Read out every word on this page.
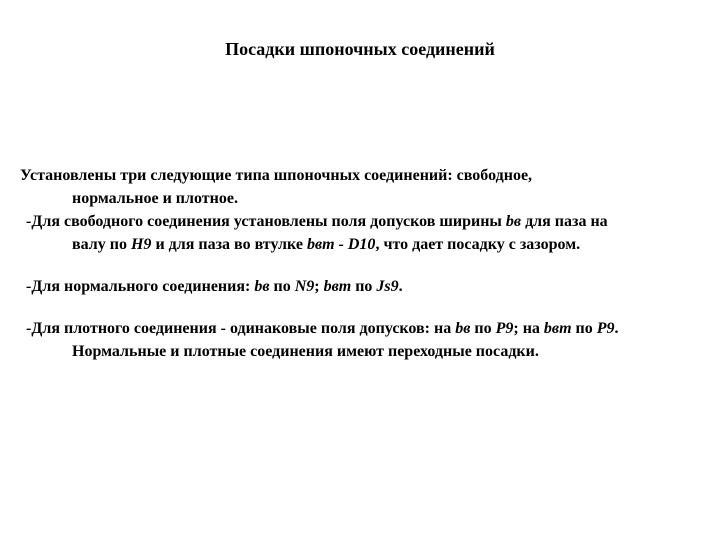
Посадки шпоночных соединений

Установлены три следующие типа шпоночных соединений: свободное,
нормальное и плотное.

-Для свободного соединения установлены поля допусков ширины bв для паза на
валу по H9 и для паза во втулке bвт - D10, что дает посадку с зазором.

-Для нормального соединения: bв по N9; bвт по Js9.

-Для плотного соединения - одинаковые поля допусков: на bв по P9; на bвт по P9.
Нормальные и плотные соединения имеют переходные посадки.
